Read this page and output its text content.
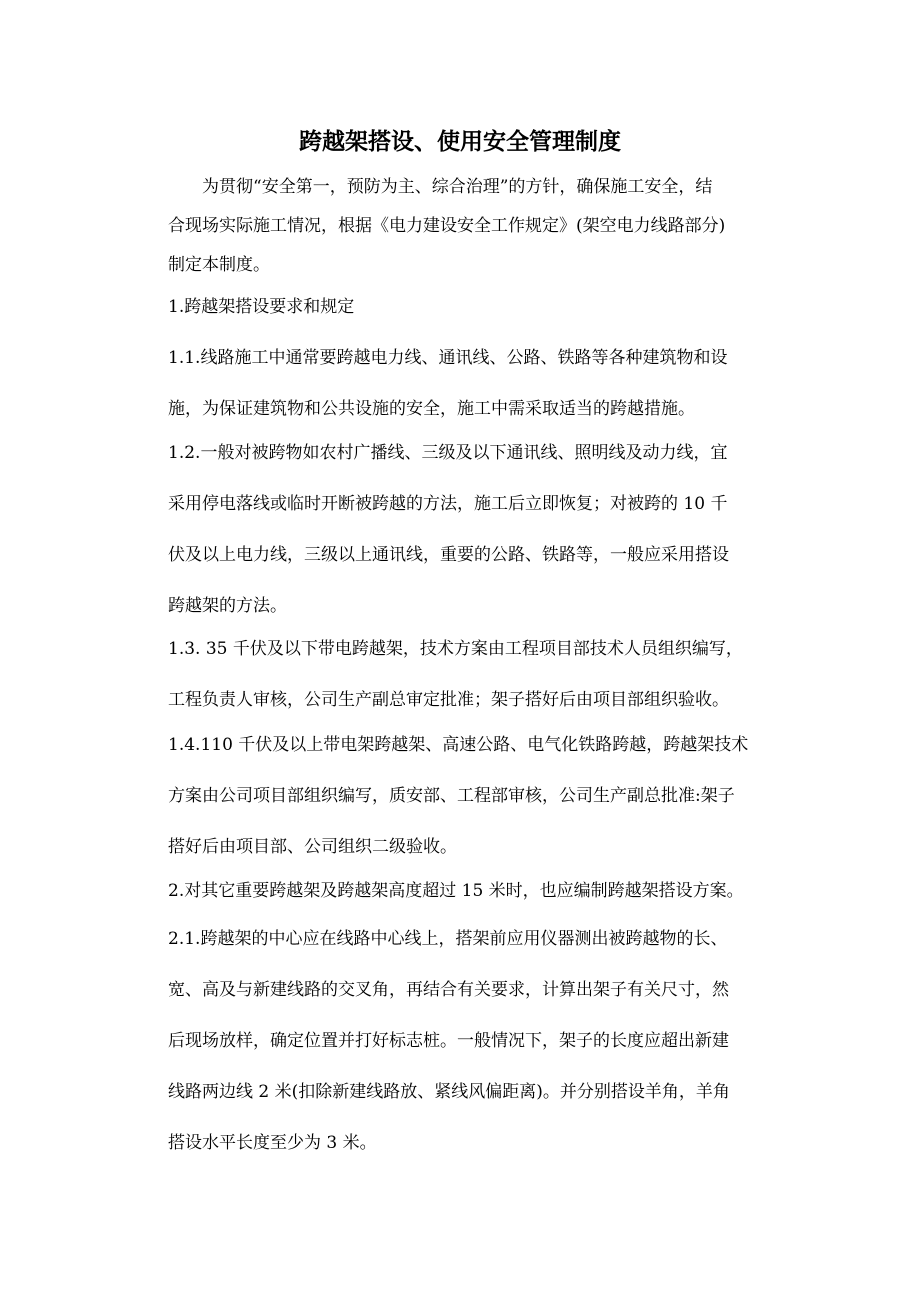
跨越架搭设、使用安全管理制度
为贯彻“安全第一，预防为主、综合治理”的方针，确保施工安全，结
合现场实际施工情况，根据《电力建设安全工作规定》(架空电力线路部分)
制定本制度。
1.跨越架搭设要求和规定
1.1.线路施工中通常要跨越电力线、通讯线、公路、铁路等各种建筑物和设
施，为保证建筑物和公共设施的安全，施工中需采取适当的跨越措施。
1.2.一般对被跨物如农村广播线、三级及以下通讯线、照明线及动力线，宜
采用停电落线或临时开断被跨越的方法，施工后立即恢复；对被跨的 10 千
伏及以上电力线，三级以上通讯线，重要的公路、铁路等，一般应采用搭设
跨越架的方法。
1.3. 35 千伏及以下带电跨越架，技术方案由工程项目部技术人员组织编写，
工程负责人审核，公司生产副总审定批准；架子搭好后由项目部组织验收。
1.4.110 千伏及以上带电架跨越架、高速公路、电气化铁路跨越，跨越架技术
方案由公司项目部组织编写，质安部、工程部审核，公司生产副总批准:架子
搭好后由项目部、公司组织二级验收。
2.对其它重要跨越架及跨越架高度超过 15 米时，也应编制跨越架搭设方案。
2.1.跨越架的中心应在线路中心线上，搭架前应用仪器测出被跨越物的长、
宽、高及与新建线路的交叉角，再结合有关要求，计算出架子有关尺寸，然
后现场放样，确定位置并打好标志桩。一般情况下，架子的长度应超出新建
线路两边线 2 米(扣除新建线路放、紧线风偏距离)。并分别搭设羊角，羊角
搭设水平长度至少为 3 米。
